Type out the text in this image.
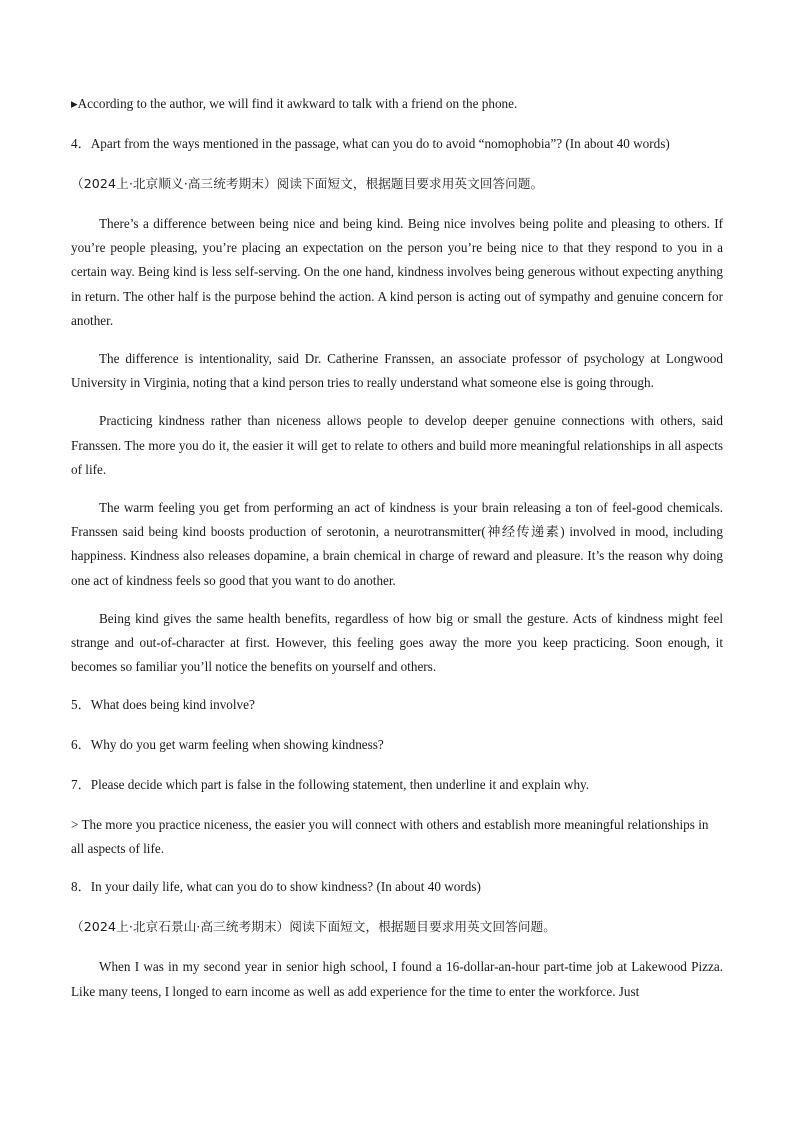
▸According to the author, we will find it awkward to talk with a friend on the phone.

4．Apart from the ways mentioned in the passage, what can you do to avoid “nomophobia”? (In about 40 words)

（2024上·北京顺义·高三统考期末）阅读下面短文，根据题目要求用英文回答问题。

There’s a difference between being nice and being kind. Being nice involves being polite and pleasing to others. If you’re people pleasing, you’re placing an expectation on the person you’re being nice to that they respond to you in a certain way. Being kind is less self-serving. On the one hand, kindness involves being generous without expecting anything in return. The other half is the purpose behind the action. A kind person is acting out of sympathy and genuine concern for another.

The difference is intentionality, said Dr. Catherine Franssen, an associate professor of psychology at Longwood University in Virginia, noting that a kind person tries to really understand what someone else is going through.

Practicing kindness rather than niceness allows people to develop deeper genuine connections with others, said Franssen. The more you do it, the easier it will get to relate to others and build more meaningful relationships in all aspects of life.

The warm feeling you get from performing an act of kindness is your brain releasing a ton of feel-good chemicals. Franssen said being kind boosts production of serotonin, a neurotransmitter(神经传递素) involved in mood, including happiness. Kindness also releases dopamine, a brain chemical in charge of reward and pleasure. It’s the reason why doing one act of kindness feels so good that you want to do another.

Being kind gives the same health benefits, regardless of how big or small the gesture. Acts of kindness might feel strange and out-of-character at first. However, this feeling goes away the more you keep practicing. Soon enough, it becomes so familiar you’ll notice the benefits on yourself and others.

5．What does being kind involve?

6．Why do you get warm feeling when showing kindness?

7．Please decide which part is false in the following statement, then underline it and explain why.

> The more you practice niceness, the easier you will connect with others and establish more meaningful relationships in all aspects of life.

8．In your daily life, what can you do to show kindness? (In about 40 words)

（2024上·北京石景山·高三统考期末）阅读下面短文，根据题目要求用英文回答问题。

When I was in my second year in senior high school, I found a 16-dollar-an-hour part-time job at Lakewood Pizza. Like many teens, I longed to earn income as well as add experience for the time to enter the workforce. Just
